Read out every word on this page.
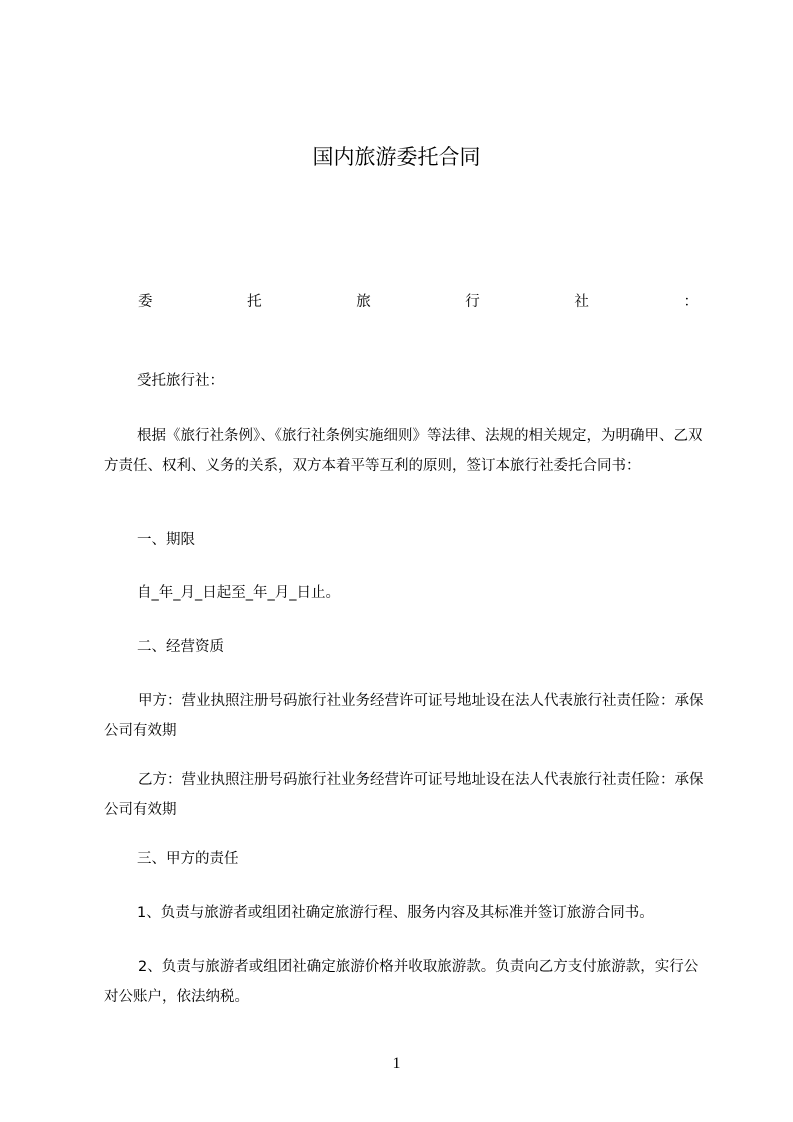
国内旅游委托合同
委	托	旅	行	社	：
受托旅行社：
根据《旅行社条例》、《旅行社条例实施细则》等法律、法规的相关规定，为明确甲、乙双方责任、权利、义务的关系，双方本着平等互利的原则，签订本旅行社委托合同书：
一、期限
自_年_月_日起至_年_月_日止。
二、经营资质
甲方：营业执照注册号码旅行社业务经营许可证号地址设在法人代表旅行社责任险：承保公司有效期
乙方：营业执照注册号码旅行社业务经营许可证号地址设在法人代表旅行社责任险：承保公司有效期
三、甲方的责任
1、负责与旅游者或组团社确定旅游行程、服务内容及其标准并签订旅游合同书。
2、负责与旅游者或组团社确定旅游价格并收取旅游款。负责向乙方支付旅游款，实行公对公账户，依法纳税。
1
